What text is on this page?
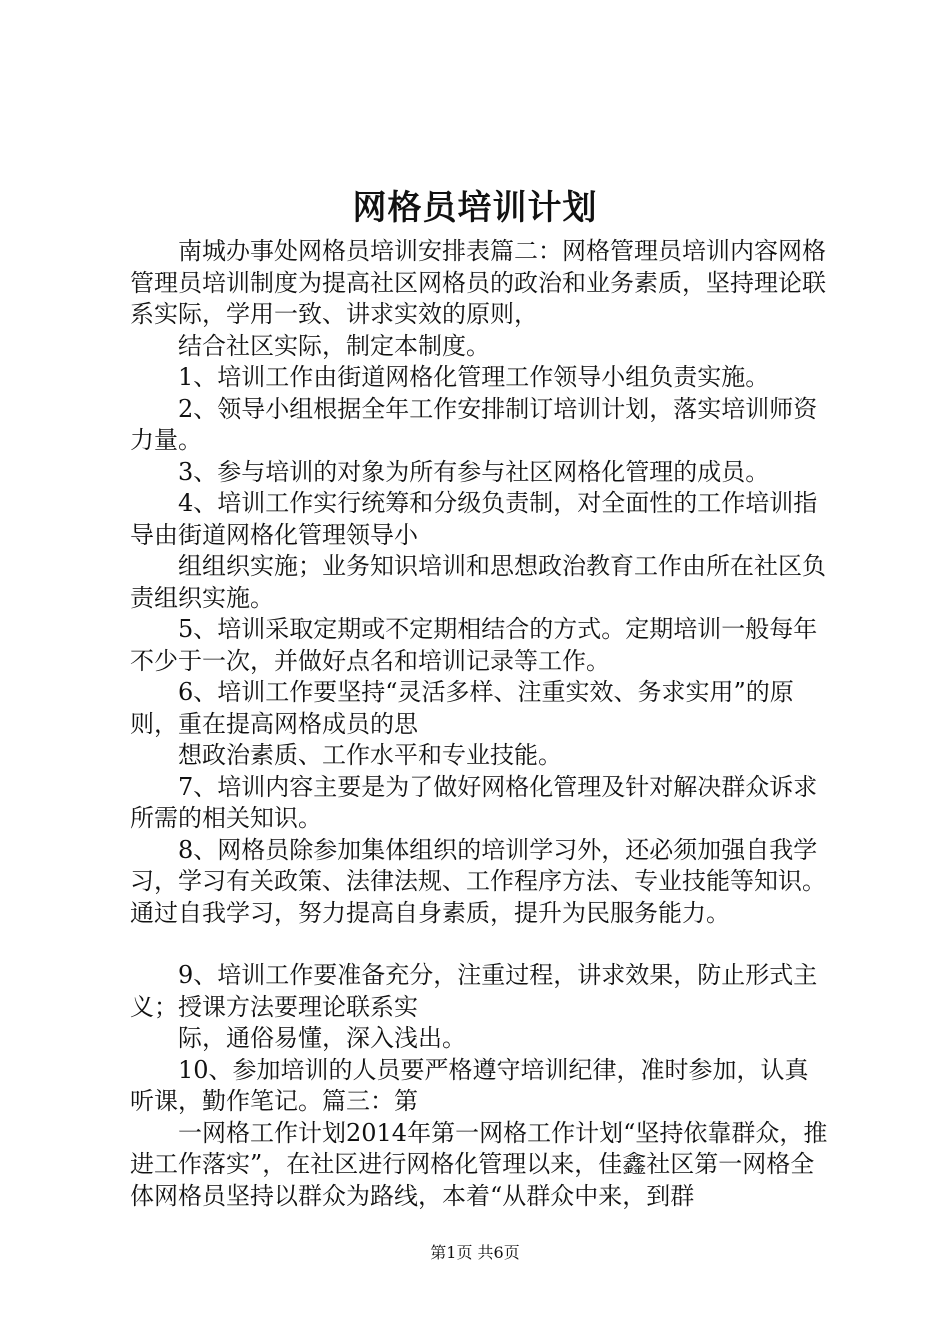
网格员培训计划

南城办事处网格员培训安排表篇二：网格管理员培训内容网格管理员培训制度为提高社区网格员的政治和业务素质，坚持理论联系实际，学用一致、讲求实效的原则，

结合社区实际，制定本制度。

1、培训工作由街道网格化管理工作领导小组负责实施。

2、领导小组根据全年工作安排制订培训计划，落实培训师资力量。

3、参与培训的对象为所有参与社区网格化管理的成员。

4、培训工作实行统筹和分级负责制，对全面性的工作培训指导由街道网格化管理领导小

组组织实施；业务知识培训和思想政治教育工作由所在社区负责组织实施。

5、培训采取定期或不定期相结合的方式。定期培训一般每年不少于一次，并做好点名和培训记录等工作。

6、培训工作要坚持“灵活多样、注重实效、务求实用”的原则，重在提高网格成员的思

想政治素质、工作水平和专业技能。

7、培训内容主要是为了做好网格化管理及针对解决群众诉求所需的相关知识。

8、网格员除参加集体组织的培训学习外，还必须加强自我学习，学习有关政策、法律法规、工作程序方法、专业技能等知识。通过自我学习，努力提高自身素质，提升为民服务能力。

9、培训工作要准备充分，注重过程，讲求效果，防止形式主义；授课方法要理论联系实

际，通俗易懂，深入浅出。

10、参加培训的人员要严格遵守培训纪律，准时参加，认真听课，勤作笔记。篇三：第

一网格工作计划2014年第一网格工作计划“坚持依靠群众，推进工作落实”，在社区进行网格化管理以来，佳鑫社区第一网格全体网格员坚持以群众为路线，本着“从群众中来，到群

第1页 共6页
